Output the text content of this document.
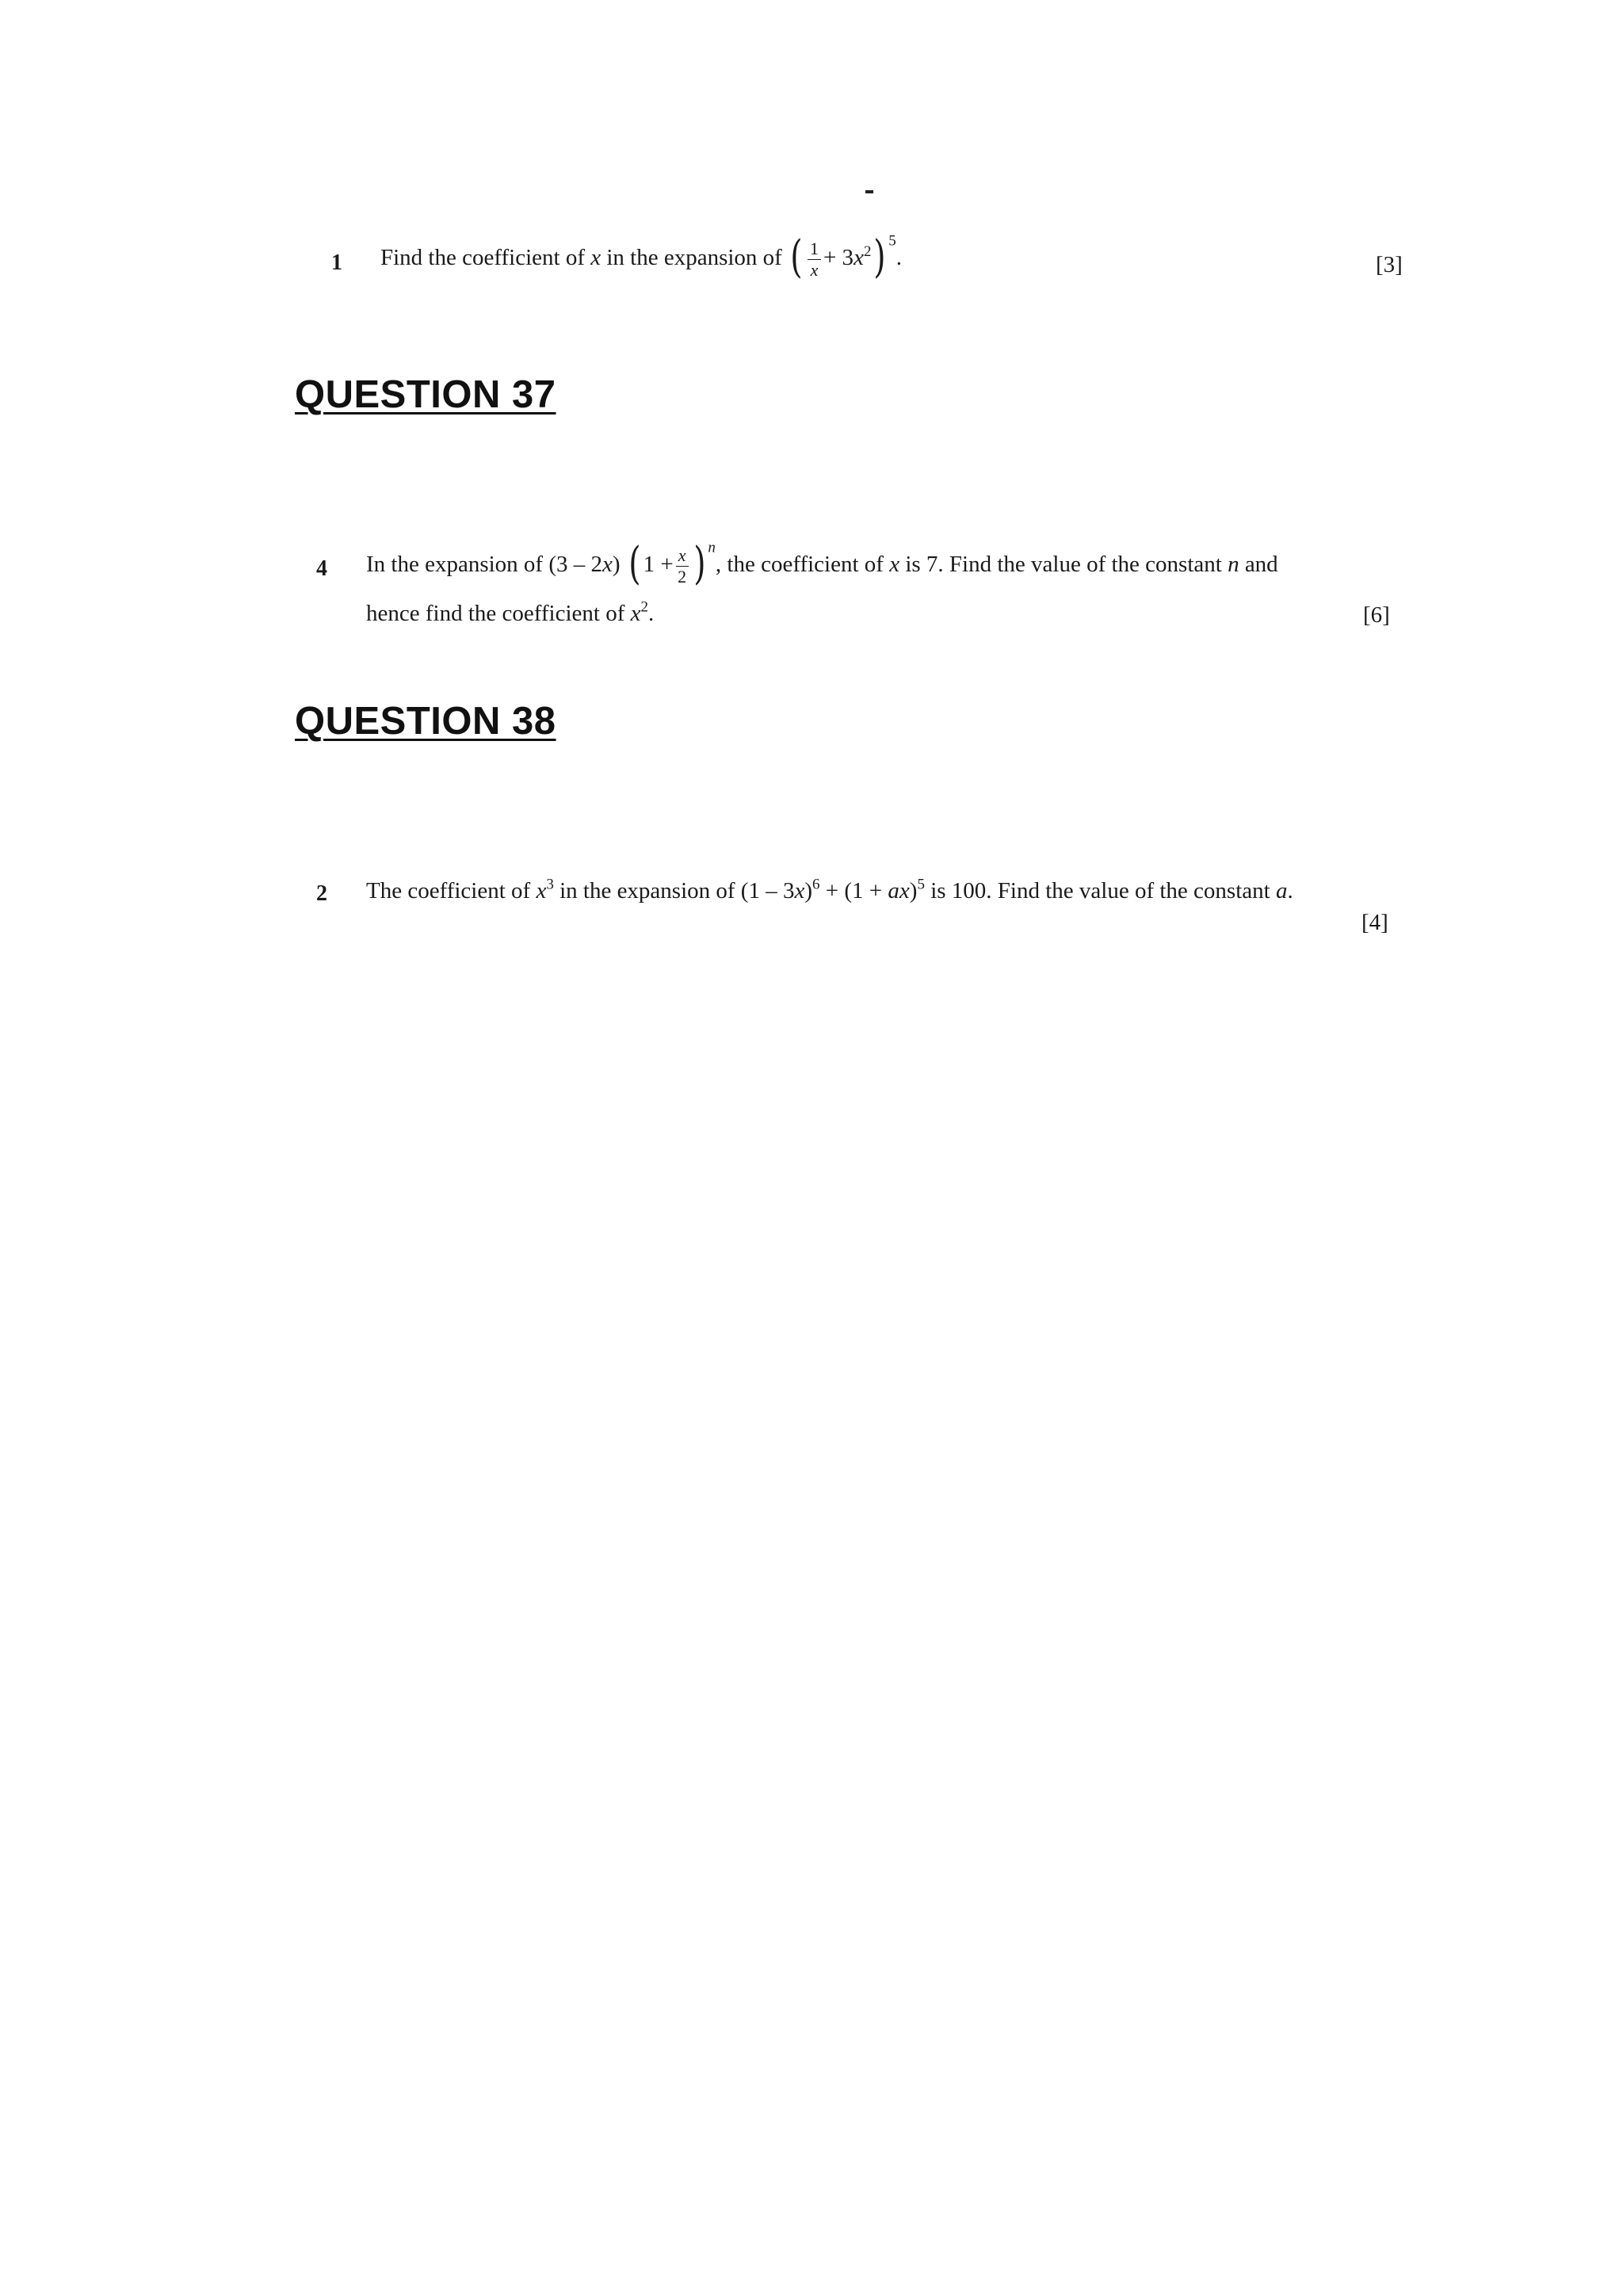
1 Find the coefficient of x in the expansion of ( $\frac{1}{x} + 3x^2$) $^5$.	[3]
QUESTION 37
4 In the expansion of (3 – 2x) ( $1 + \frac{x}{2}$ ) $^n$, the coefficient of x is 7. Find the value of the constant n and
hence find the coefficient of $x^2$.	[6]
QUESTION 38
2 The coefficient of $x^3$ in the expansion of (1 – 3x)$^6$ + (1 + ax)$^5$ is 100. Find the value of the constant a.
[4]
